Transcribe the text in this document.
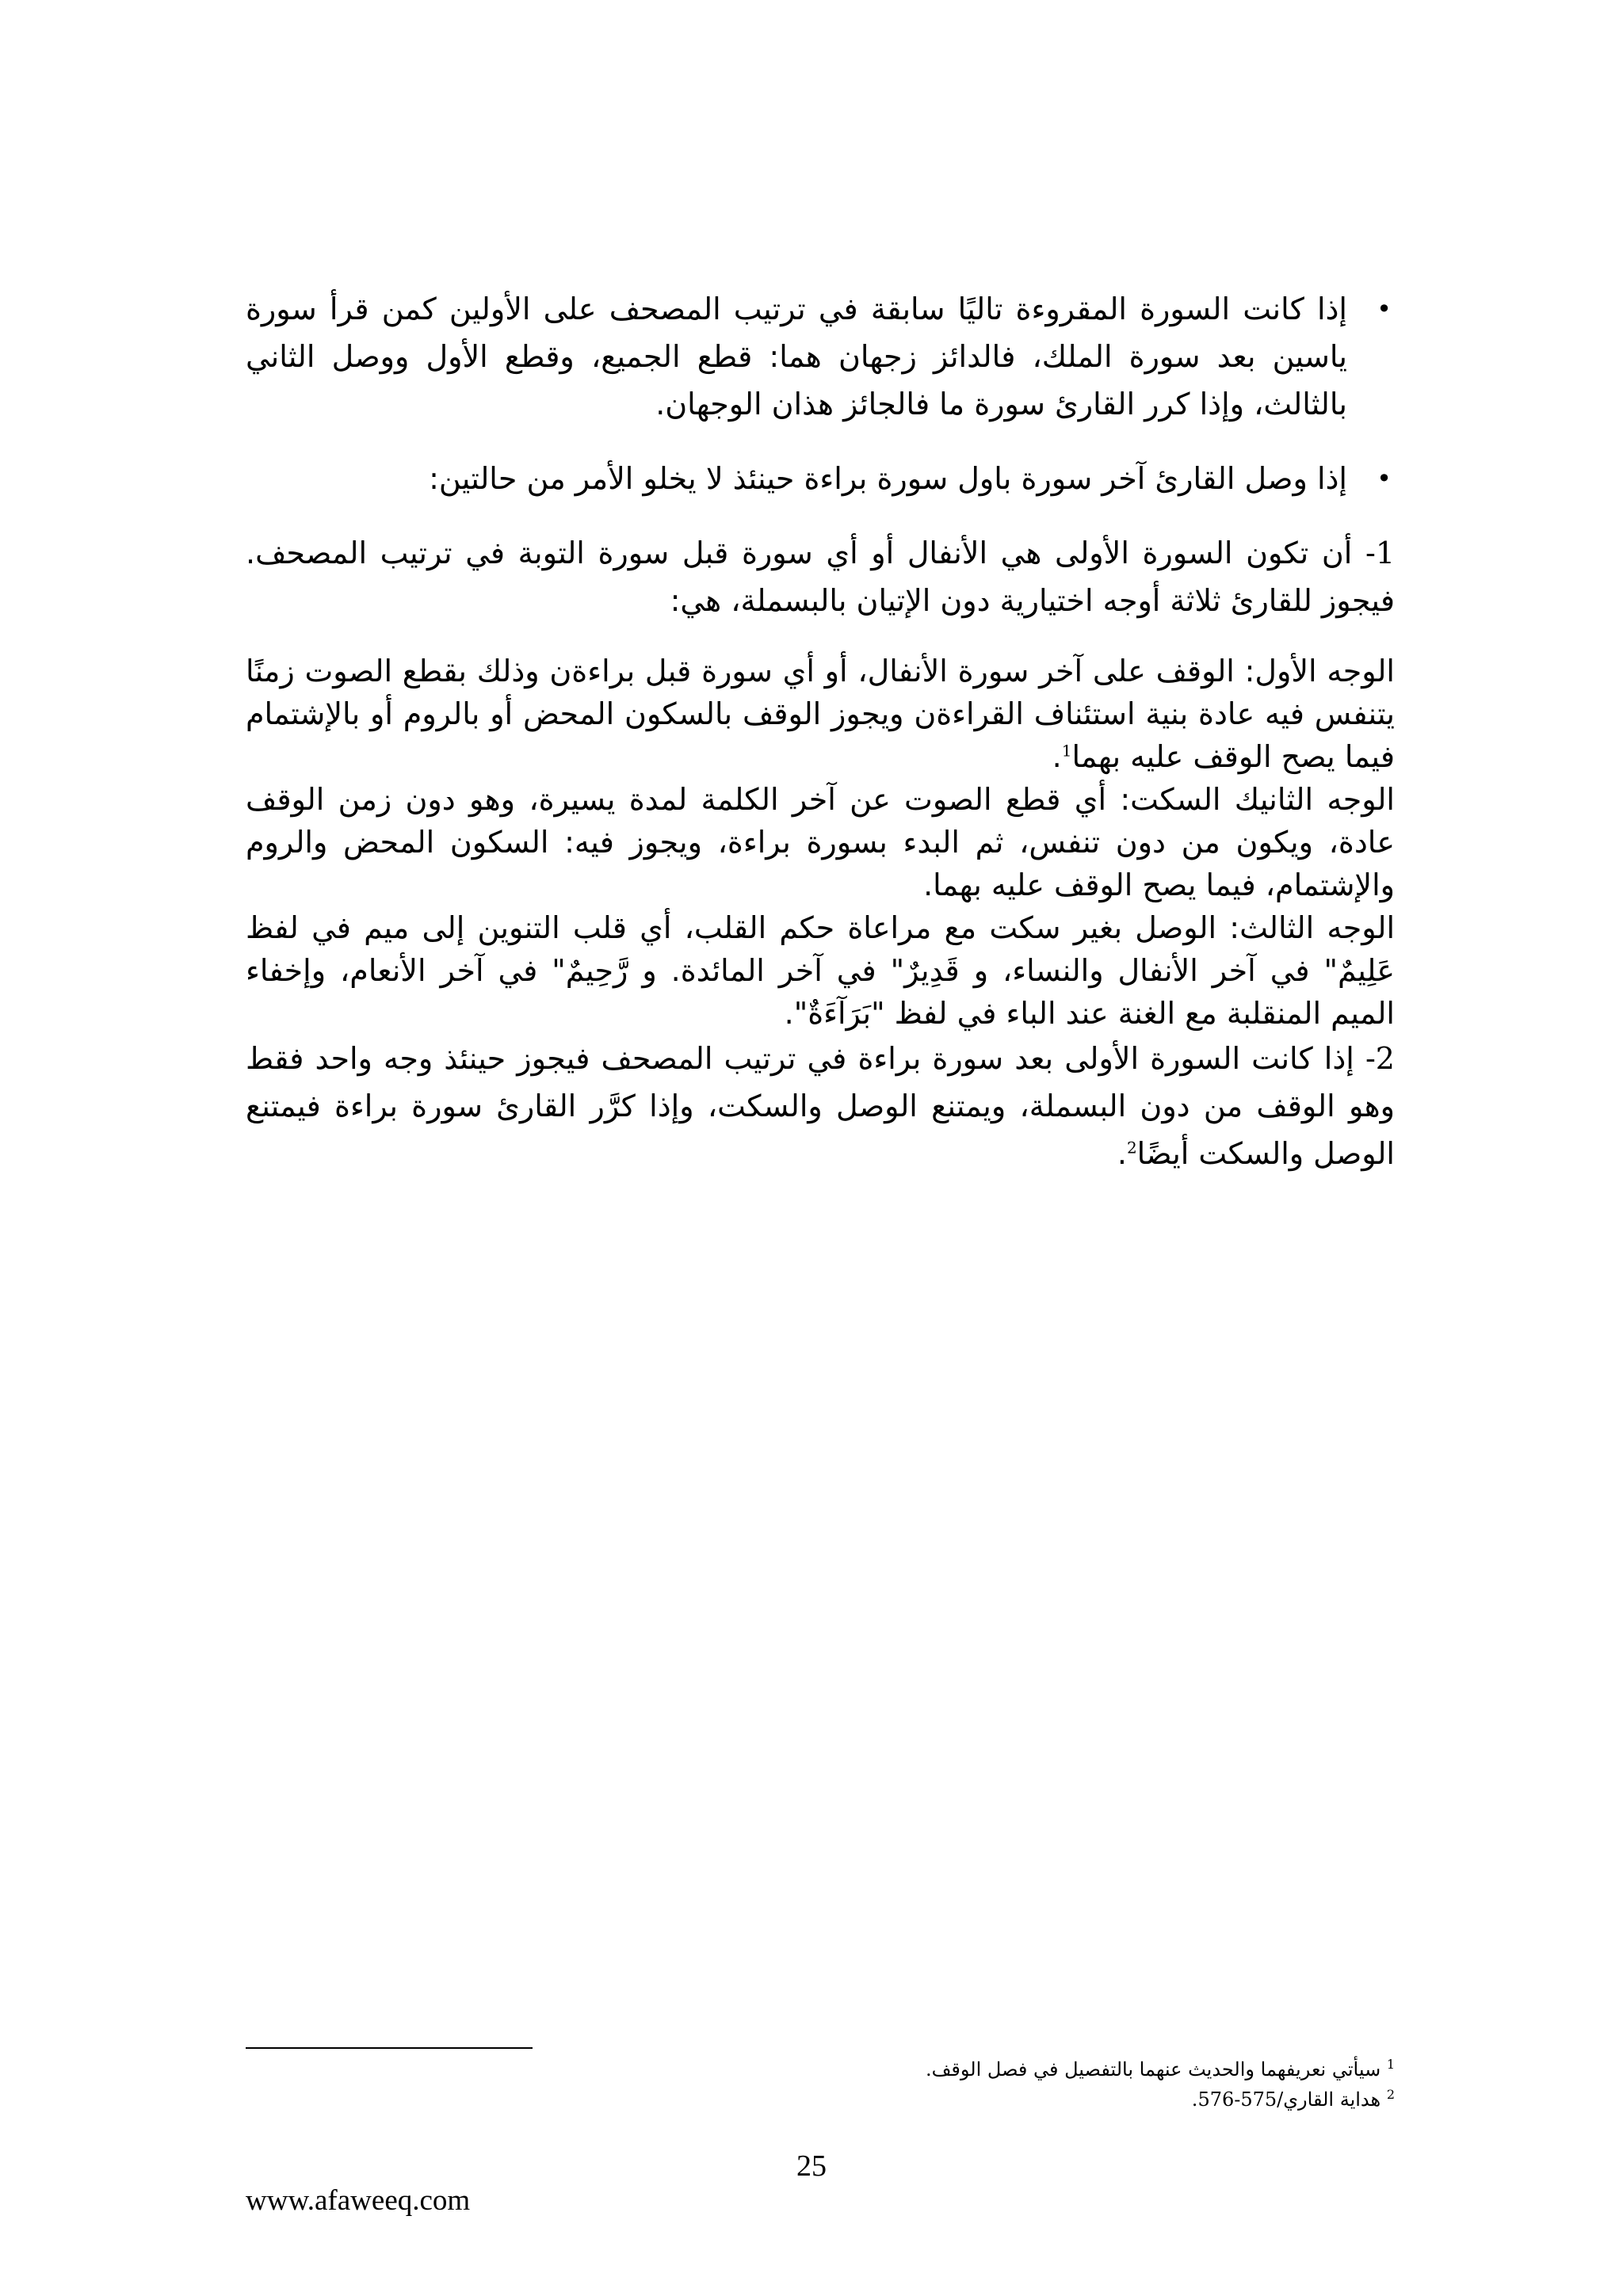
•
إذا كانت السورة المقروءة تاليًا سابقة في ترتيب المصحف على الأولين كمن قرأ سورة ياسين بعد سورة الملك، فالدائز زجهان هما: قطع الجميع، وقطع الأول ووصل الثاني بالثالث، وإذا كرر القارئ سورة ما فالجائز هذان الوجهان.

•
إذا وصل القارئ آخر سورة باول سورة براءة حينئذ لا يخلو الأمر من حالتين:

1- أن تكون السورة الأولى هي الأنفال أو أي سورة قبل سورة التوبة في ترتيب المصحف. فيجوز للقارئ ثلاثة أوجه اختيارية دون الإتيان بالبسملة، هي:

الوجه الأول: الوقف على آخر سورة الأنفال، أو أي سورة قبل براءةن وذلك بقطع الصوت زمنًا يتنفس فيه عادة بنية استئناف القراءةن ويجوز الوقف بالسكون المحض أو بالروم أو بالإشتمام فيما يصح الوقف عليه بهما$^1$.

الوجه الثانيك السكت: أي قطع الصوت عن آخر الكلمة لمدة يسيرة، وهو دون زمن الوقف عادة، ويكون من دون تنفس، ثم البدء بسورة براءة، ويجوز فيه: السكون المحض والروم والإشتمام، فيما يصح الوقف عليه بهما.

الوجه الثالث: الوصل بغير سكت مع مراعاة حكم القلب، أي قلب التنوين إلى ميم في لفظ عَلِيمٌ" في آخر الأنفال والنساء، و قَدِيرٌ" في آخر المائدة. و رَّحِيمٌ" في آخر الأنعام، وإخفاء الميم المنقلبة مع الغنة عند الباء في لفظ "بَرَآءَةٌ".

2- إذا كانت السورة الأولى بعد سورة براءة في ترتيب المصحف فيجوز حينئذ وجه واحد فقط وهو الوقف من دون البسملة، ويمتنع الوصل والسكت، وإذا كرَّر القارئ سورة براءة فيمتنع الوصل والسكت أيضًا$^2$.

$^1$ سيأتي نعريفهما والحديث عنهما بالتفصيل في فصل الوقف.
$^2$ هداية القاري/575-576.
25
www.afaweeq.com
